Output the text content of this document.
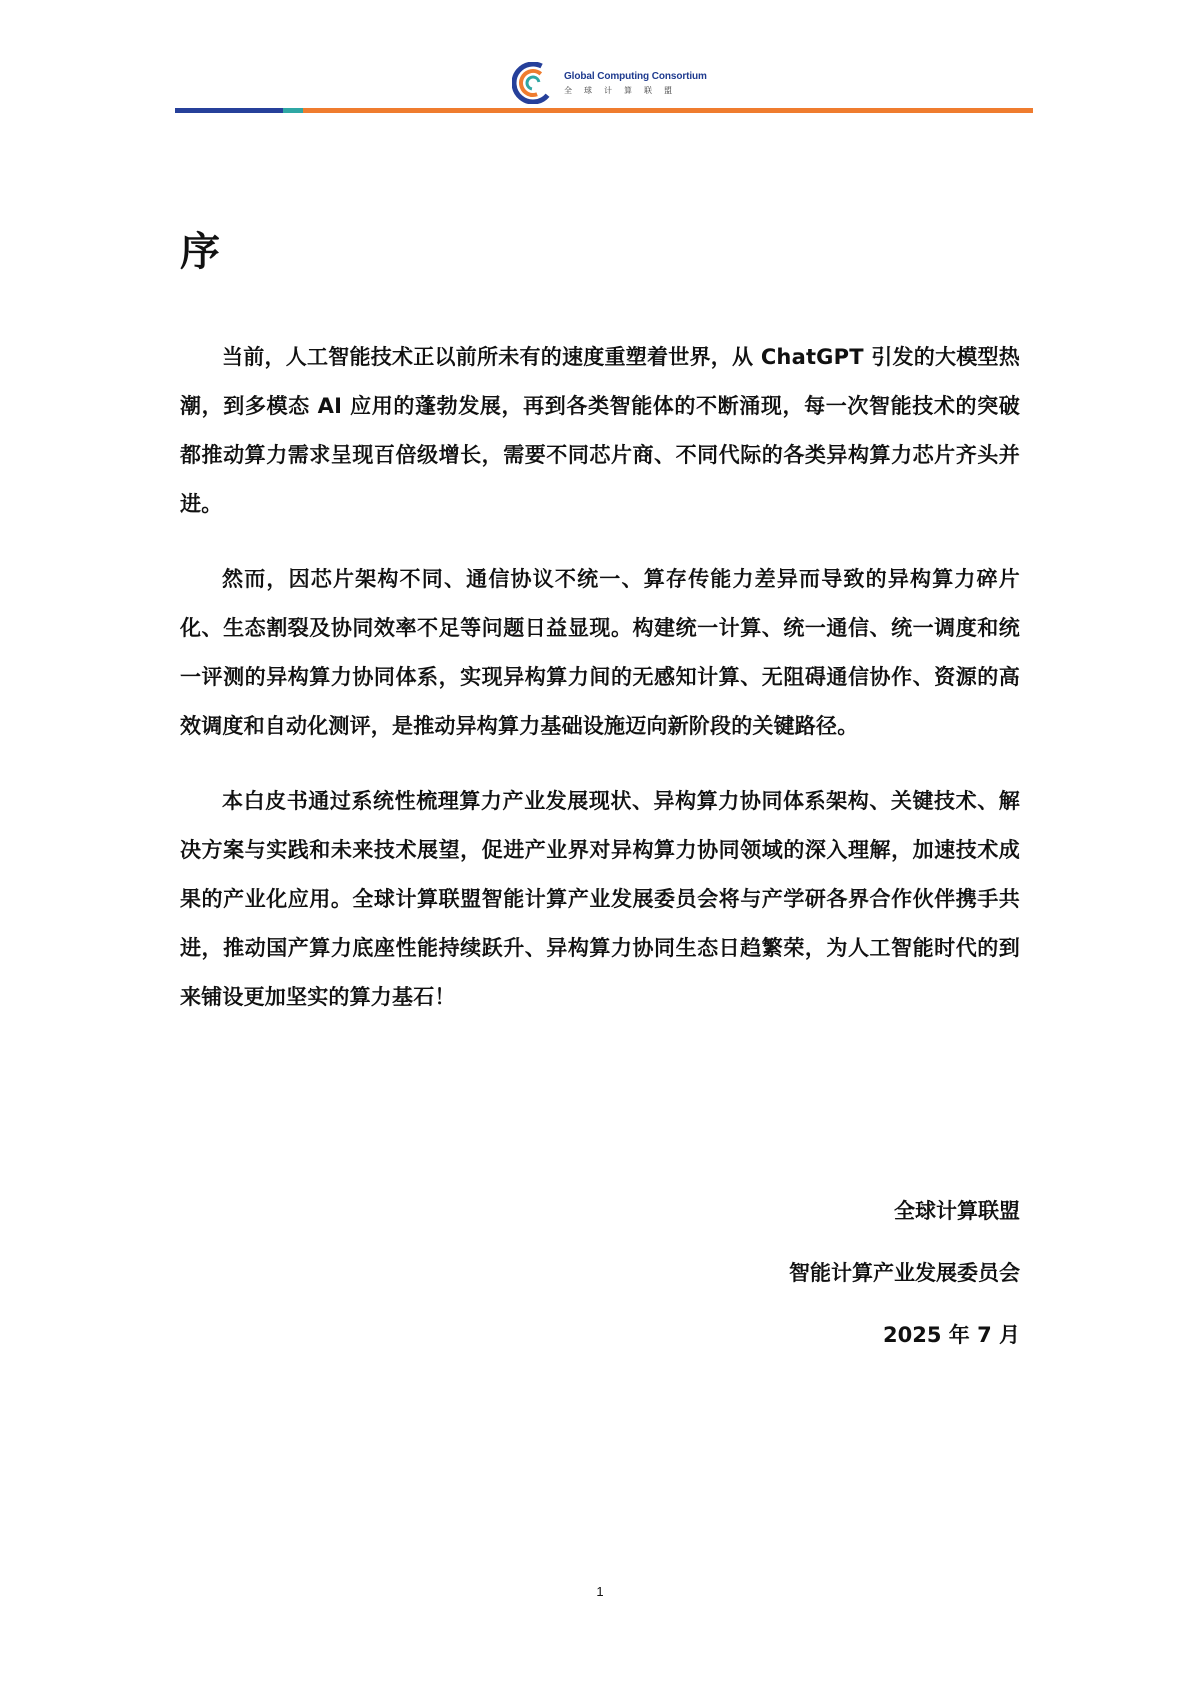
Global Computing Consortium
全球计算联盟
序

当前，人工智能技术正以前所未有的速度重塑着世界，从 ChatGPT 引发的大模型热潮，到多模态 AI 应用的蓬勃发展，再到各类智能体的不断涌现，每一次智能技术的突破都推动算力需求呈现百倍级增长，需要不同芯片商、不同代际的各类异构算力芯片齐头并进。

然而，因芯片架构不同、通信协议不统一、算存传能力差异而导致的异构算力碎片化、生态割裂及协同效率不足等问题日益显现。构建统一计算、统一通信、统一调度和统一评测的异构算力协同体系，实现异构算力间的无感知计算、无阻碍通信协作、资源的高效调度和自动化测评，是推动异构算力基础设施迈向新阶段的关键路径。

本白皮书通过系统性梳理算力产业发展现状、异构算力协同体系架构、关键技术、解决方案与实践和未来技术展望，促进产业界对异构算力协同领域的深入理解，加速技术成果的产业化应用。全球计算联盟智能计算产业发展委员会将与产学研各界合作伙伴携手共进，推动国产算力底座性能持续跃升、异构算力协同生态日趋繁荣，为人工智能时代的到来铺设更加坚实的算力基石！

全球计算联盟
智能计算产业发展委员会
2025 年 7 月
1
